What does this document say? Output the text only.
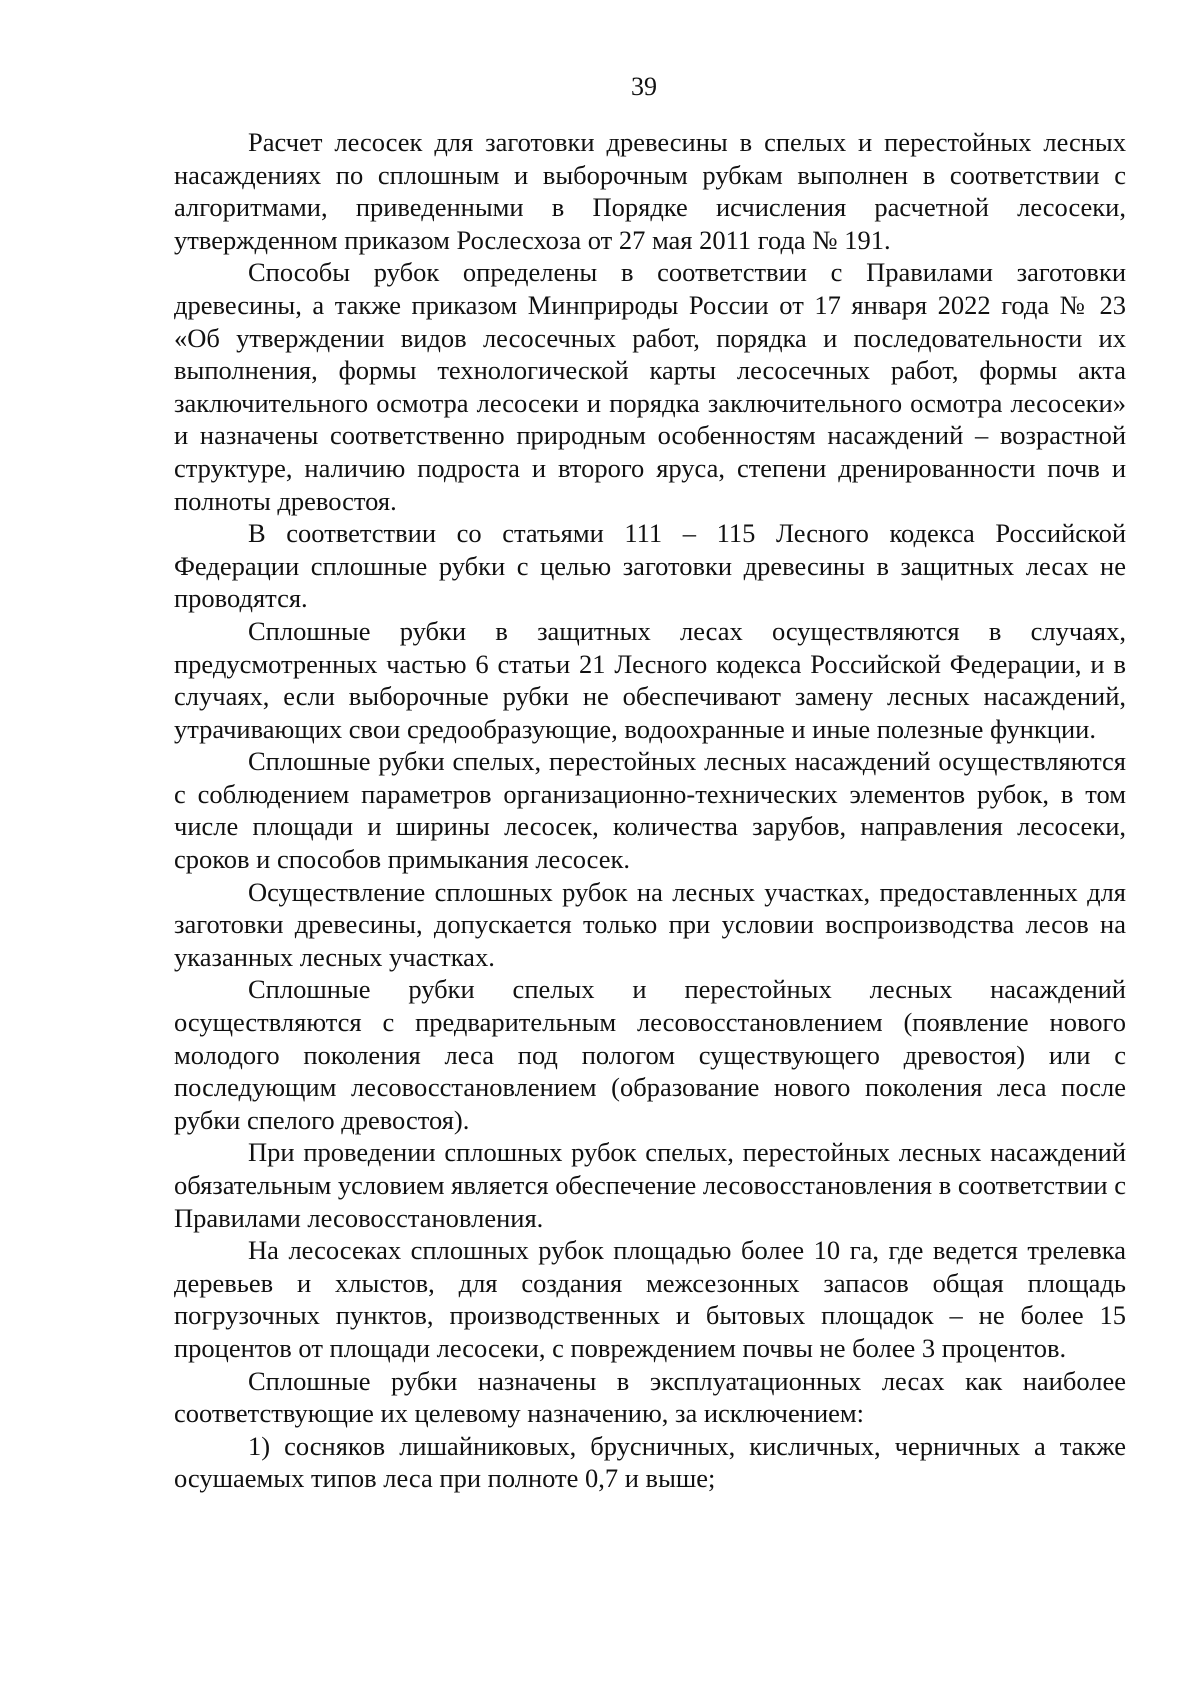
39

Расчет лесосек для заготовки древесины в спелых и перестойных лесных насаждениях по сплошным и выборочным рубкам выполнен в соответствии с алгоритмами, приведенными в Порядке исчисления расчетной лесосеки, утвержденном приказом Рослесхоза от 27 мая 2011 года № 191.

Способы рубок определены в соответствии с Правилами заготовки древесины, а также приказом Минприроды России от 17 января 2022 года № 23 «Об утверждении видов лесосечных работ, порядка и последовательности их выполнения, формы технологической карты лесосечных работ, формы акта заключительного осмотра лесосеки и порядка заключительного осмотра лесосеки» и назначены соответственно природным особенностям насаждений – возрастной структуре, наличию подроста и второго яруса, степени дренированности почв и полноты древостоя.

В соответствии со статьями 111 – 115 Лесного кодекса Российской Федерации сплошные рубки с целью заготовки древесины в защитных лесах не проводятся.

Сплошные рубки в защитных лесах осуществляются в случаях, предусмотренных частью 6 статьи 21 Лесного кодекса Российской Федерации, и в случаях, если выборочные рубки не обеспечивают замену лесных насаждений, утрачивающих свои средообразующие, водоохранные и иные полезные функции.

Сплошные рубки спелых, перестойных лесных насаждений осуществляются с соблюдением параметров организационно-технических элементов рубок, в том числе площади и ширины лесосек, количества зарубов, направления лесосеки, сроков и способов примыкания лесосек.

Осуществление сплошных рубок на лесных участках, предоставленных для заготовки древесины, допускается только при условии воспроизводства лесов на указанных лесных участках.

Сплошные рубки спелых и перестойных лесных насаждений осуществляются с предварительным лесовосстановлением (появление нового молодого поколения леса под пологом существующего древостоя) или с последующим лесовосстановлением (образование нового поколения леса после рубки спелого древостоя).

При проведении сплошных рубок спелых, перестойных лесных насаждений обязательным условием является обеспечение лесовосстановления в соответствии с Правилами лесовосстановления.

На лесосеках сплошных рубок площадью более 10 га, где ведется трелевка деревьев и хлыстов, для создания межсезонных запасов общая площадь погрузочных пунктов, производственных и бытовых площадок – не более 15 процентов от площади лесосеки, с повреждением почвы не более 3 процентов.

Сплошные рубки назначены в эксплуатационных лесах как наиболее соответствующие их целевому назначению, за исключением:

1) сосняков лишайниковых, брусничных, кисличных, черничных а также осушаемых типов леса при полноте 0,7 и выше;
